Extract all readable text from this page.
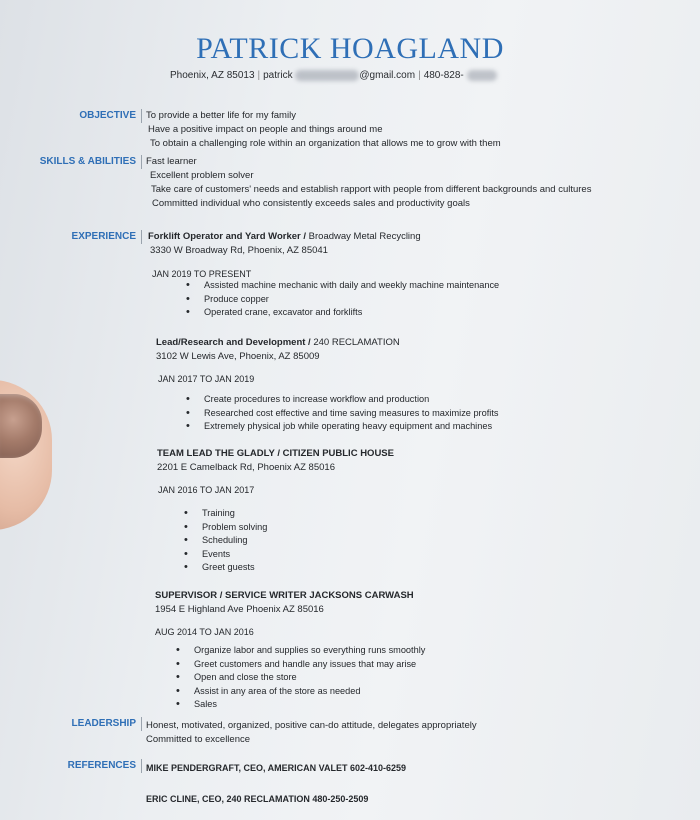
PATRICK HOAGLAND
Phoenix, AZ 85013 | patrick	@gmail.com | 480-828-
OBJECTIVE To provide a better life for my family
Have a positive impact on people and things around me
To obtain a challenging role within an organization that allows me to grow with them
SKILLS & ABILITIES Fast learner
Excellent problem solver
Take care of customers' needs and establish rapport with people from different backgrounds and cultures
Committed individual who consistently exceeds sales and productivity goals
EXPERIENCE Forklift Operator and Yard Worker / Broadway Metal Recycling
3330 W Broadway Rd, Phoenix, AZ 85041
JAN 2019 TO PRESENT
• Assisted machine mechanic with daily and weekly machine maintenance
• Produce copper
• Operated crane, excavator and forklifts
Lead/Research and Development / 240 RECLAMATION
3102 W Lewis Ave, Phoenix, AZ 85009
JAN 2017 TO JAN 2019
• Create procedures to increase workflow and production
• Researched cost effective and time saving measures to maximize profits
• Extremely physical job while operating heavy equipment and machines
TEAM LEAD THE GLADLY / CITIZEN PUBLIC HOUSE
2201 E Camelback Rd, Phoenix AZ 85016
JAN 2016 TO JAN 2017
• Training
• Problem solving
• Scheduling
• Events
• Greet guests
SUPERVISOR / SERVICE WRITER JACKSONS CARWASH
1954 E Highland Ave Phoenix AZ 85016
AUG 2014 TO JAN 2016
• Organize labor and supplies so everything runs smoothly
• Greet customers and handle any issues that may arise
• Open and close the store
• Assist in any area of the store as needed
• Sales
LEADERSHIP Honest, motivated, organized, positive can-do attitude, delegates appropriately
Committed to excellence
REFERENCES MIKE PENDERGRAFT, CEO, AMERICAN VALET 602-410-6259
ERIC CLINE, CEO, 240 RECLAMATION 480-250-2509
